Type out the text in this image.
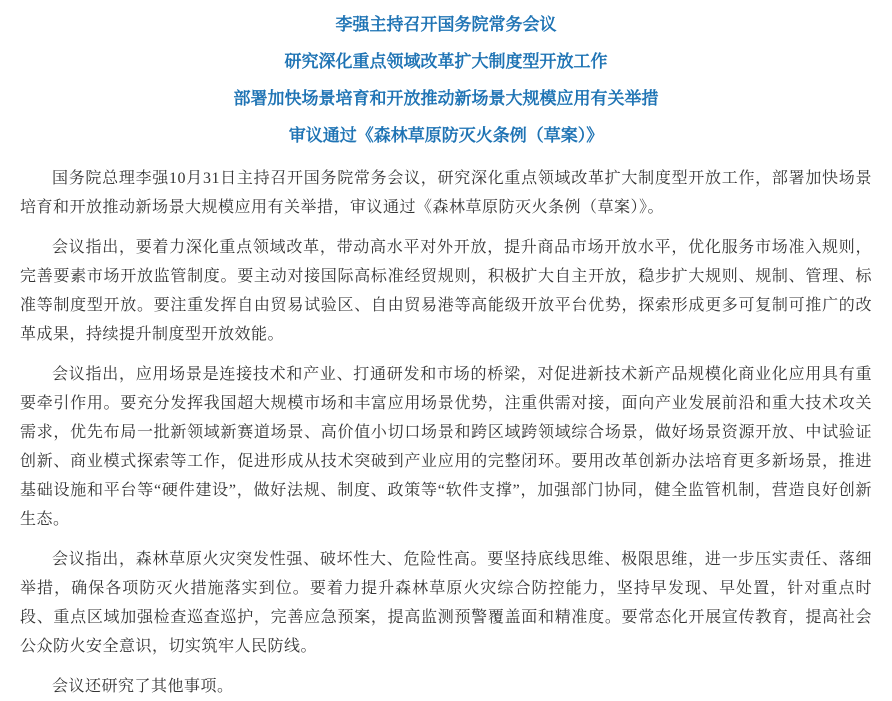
李强主持召开国务院常务会议
研究深化重点领域改革扩大制度型开放工作
部署加快场景培育和开放推动新场景大规模应用有关举措
审议通过《森林草原防灭火条例（草案）》

国务院总理李强10月31日主持召开国务院常务会议，研究深化重点领域改革扩大制度型开放工作，部署加快场景培育和开放推动新场景大规模应用有关举措，审议通过《森林草原防灭火条例（草案）》。

会议指出，要着力深化重点领域改革，带动高水平对外开放，提升商品市场开放水平，优化服务市场准入规则，完善要素市场开放监管制度。要主动对接国际高标准经贸规则，积极扩大自主开放，稳步扩大规则、规制、管理、标准等制度型开放。要注重发挥自由贸易试验区、自由贸易港等高能级开放平台优势，探索形成更多可复制可推广的改革成果，持续提升制度型开放效能。

会议指出，应用场景是连接技术和产业、打通研发和市场的桥梁，对促进新技术新产品规模化商业化应用具有重要牵引作用。要充分发挥我国超大规模市场和丰富应用场景优势，注重供需对接，面向产业发展前沿和重大技术攻关需求，优先布局一批新领域新赛道场景、高价值小切口场景和跨区域跨领域综合场景，做好场景资源开放、中试验证创新、商业模式探索等工作，促进形成从技术突破到产业应用的完整闭环。要用改革创新办法培育更多新场景，推进基础设施和平台等“硬件建设”，做好法规、制度、政策等“软件支撑”，加强部门协同，健全监管机制，营造良好创新生态。

会议指出，森林草原火灾突发性强、破坏性大、危险性高。要坚持底线思维、极限思维，进一步压实责任、落细举措，确保各项防灭火措施落实到位。要着力提升森林草原火灾综合防控能力，坚持早发现、早处置，针对重点时段、重点区域加强检查巡查巡护，完善应急预案，提高监测预警覆盖面和精准度。要常态化开展宣传教育，提高社会公众防火安全意识，切实筑牢人民防线。

会议还研究了其他事项。
